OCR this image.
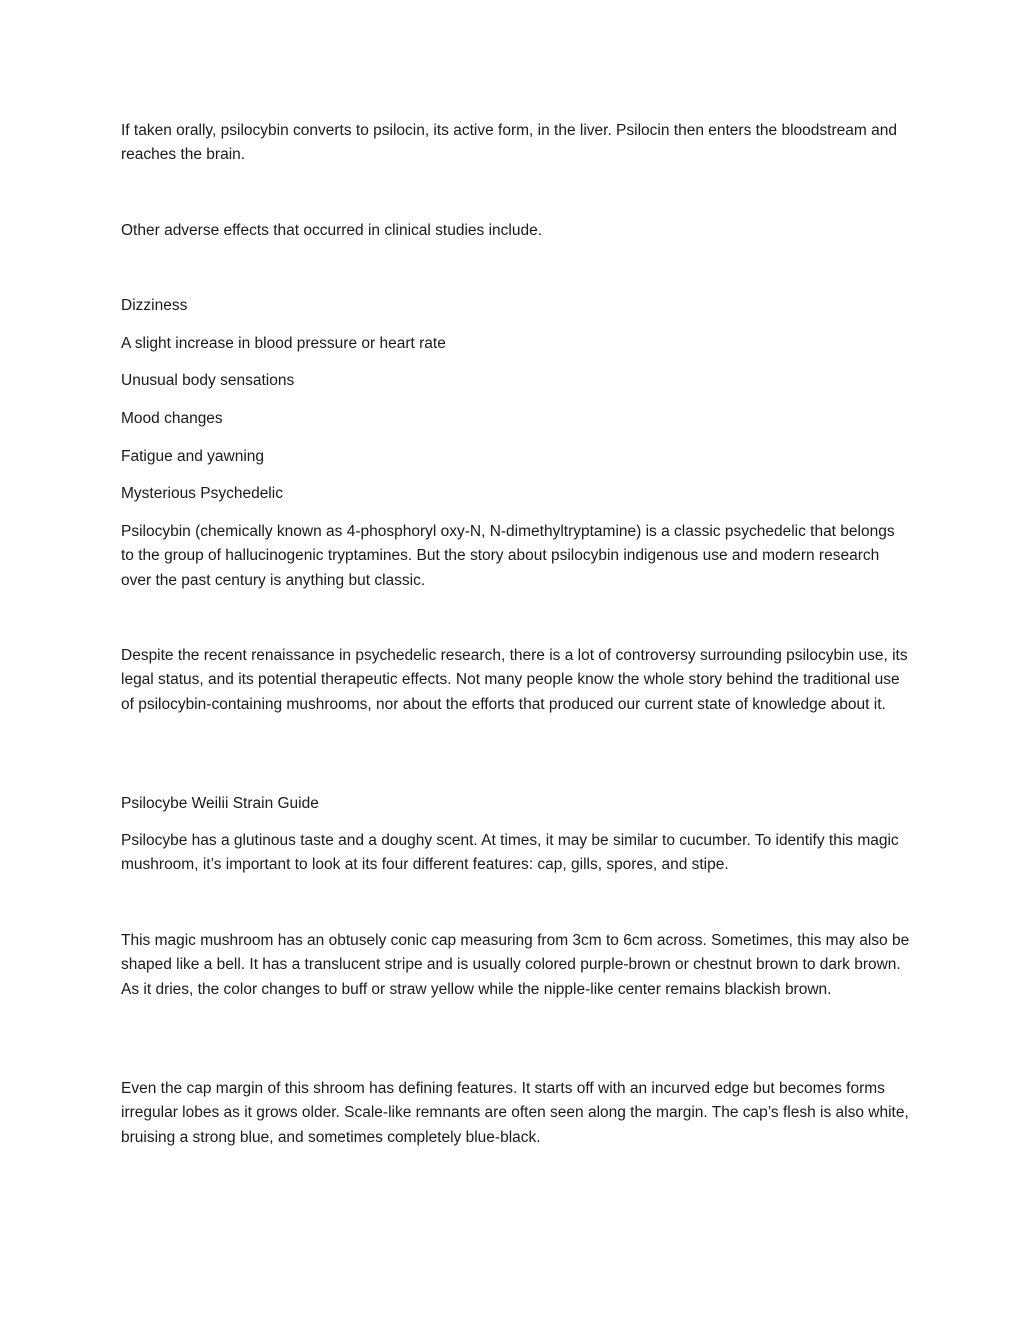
If taken orally, psilocybin converts to psilocin, its active form, in the liver. Psilocin then enters the bloodstream and reaches the brain.

Other adverse effects that occurred in clinical studies include.

Dizziness

A slight increase in blood pressure or heart rate

Unusual body sensations

Mood changes

Fatigue and yawning

Mysterious Psychedelic

Psilocybin (chemically known as 4-phosphoryl oxy-N, N-dimethyltryptamine) is a classic psychedelic that belongs to the group of hallucinogenic tryptamines. But the story about psilocybin indigenous use and modern research over the past century is anything but classic.

Despite the recent renaissance in psychedelic research, there is a lot of controversy surrounding psilocybin use, its legal status, and its potential therapeutic effects. Not many people know the whole story behind the traditional use of psilocybin-containing mushrooms, nor about the efforts that produced our current state of knowledge about it.

Psilocybe Weilii Strain Guide

Psilocybe has a glutinous taste and a doughy scent. At times, it may be similar to cucumber. To identify this magic mushroom, it’s important to look at its four different features: cap, gills, spores, and stipe.

This magic mushroom has an obtusely conic cap measuring from 3cm to 6cm across. Sometimes, this may also be shaped like a bell. It has a translucent stripe and is usually colored purple-brown or chestnut brown to dark brown. As it dries, the color changes to buff or straw yellow while the nipple-like center remains blackish brown.

Even the cap margin of this shroom has defining features. It starts off with an incurved edge but becomes forms irregular lobes as it grows older. Scale-like remnants are often seen along the margin. The cap’s flesh is also white, bruising a strong blue, and sometimes completely blue-black.
